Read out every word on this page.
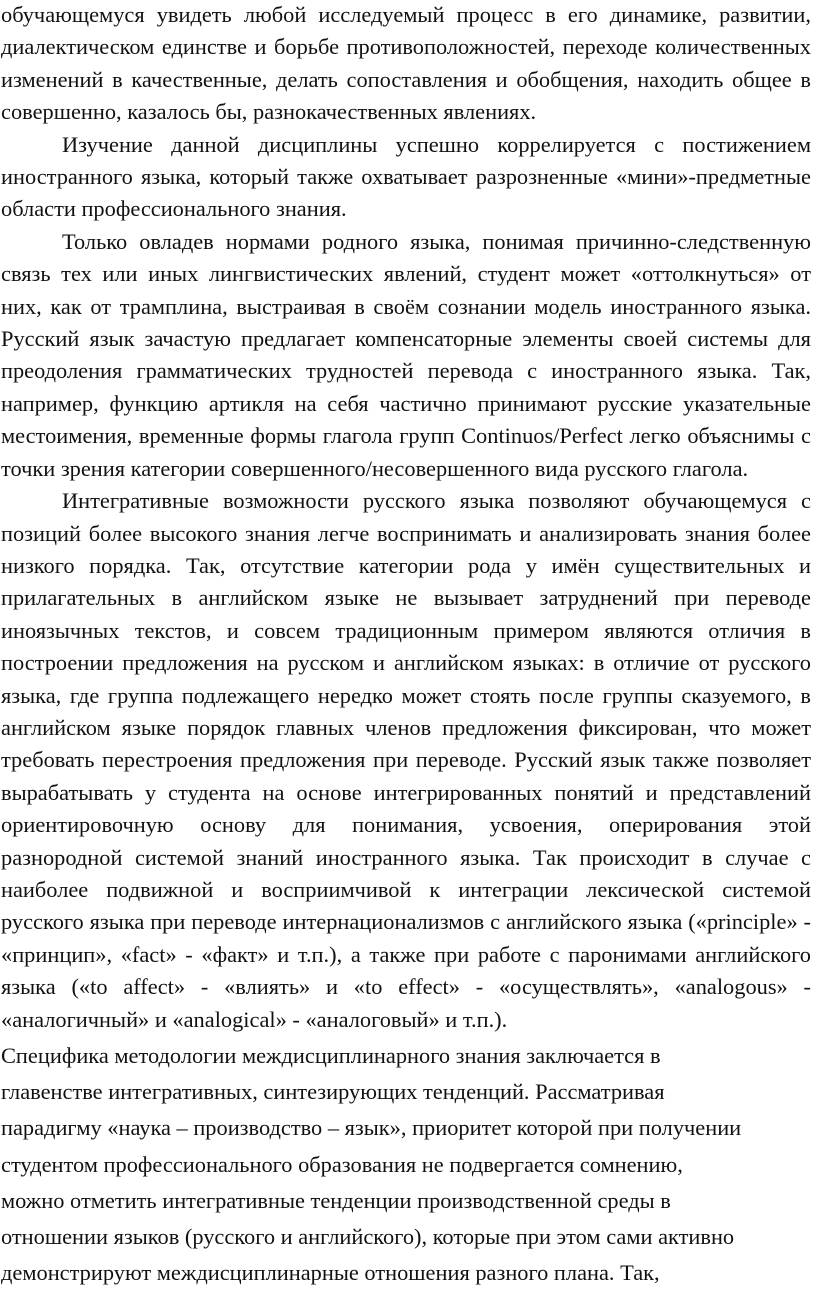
обучающемуся увидеть любой исследуемый процесс в его динамике, развитии, диалектическом единстве и борьбе противоположностей, переходе количественных изменений в качественные, делать сопоставления и обобщения, находить общее в совершенно, казалось бы, разнокачественных явлениях.

Изучение данной дисциплины успешно коррелируется с постижением иностранного языка, который также охватывает разрозненные «мини»-предметные области профессионального знания.

Только овладев нормами родного языка, понимая причинно-следственную связь тех или иных лингвистических явлений, студент может «оттолкнуться» от них, как от трамплина, выстраивая в своём сознании модель иностранного языка. Русский язык зачастую предлагает компенсаторные элементы своей системы для преодоления грамматических трудностей перевода с иностранного языка. Так, например, функцию артикля на себя частично принимают русские указательные местоимения, временные формы глагола групп Continuos/Perfect легко объяснимы с точки зрения категории совершенного/несовершенного вида русского глагола.

Интегративные возможности русского языка позволяют обучающемуся с позиций более высокого знания легче воспринимать и анализировать знания более низкого порядка. Так, отсутствие категории рода у имён существительных и прилагательных в английском языке не вызывает затруднений при переводе иноязычных текстов, и совсем традиционным примером являются отличия в построении предложения на русском и английском языках: в отличие от русского языка, где группа подлежащего нередко может стоять после группы сказуемого, в английском языке порядок главных членов предложения фиксирован, что может требовать перестроения предложения при переводе. Русский язык также позволяет вырабатывать у студента на основе интегрированных понятий и представлений ориентировочную основу для понимания, усвоения, оперирования этой разнородной системой знаний иностранного языка. Так происходит в случае с наиболее подвижной и восприимчивой к интеграции лексической системой русского языка при переводе интернационализмов с английского языка («principle» - «принцип», «fact» - «факт» и т.п.), а также при работе с паронимами английского языка («to affect» - «влиять» и «to effect» - «осуществлять», «analogous» - «аналогичный» и «analogical» - «аналоговый» и т.п.).

Специфика методологии междисциплинарного знания заключается в
главенстве интегративных, синтезирующих тенденций. Рассматривая
парадигму «наука – производство – язык», приоритет которой при получении
студентом профессионального образования не подвергается сомнению,
можно отметить интегративные тенденции производственной среды в
отношении языков (русского и английского), которые при этом сами активно
демонстрируют междисциплинарные отношения разного плана. Так,
